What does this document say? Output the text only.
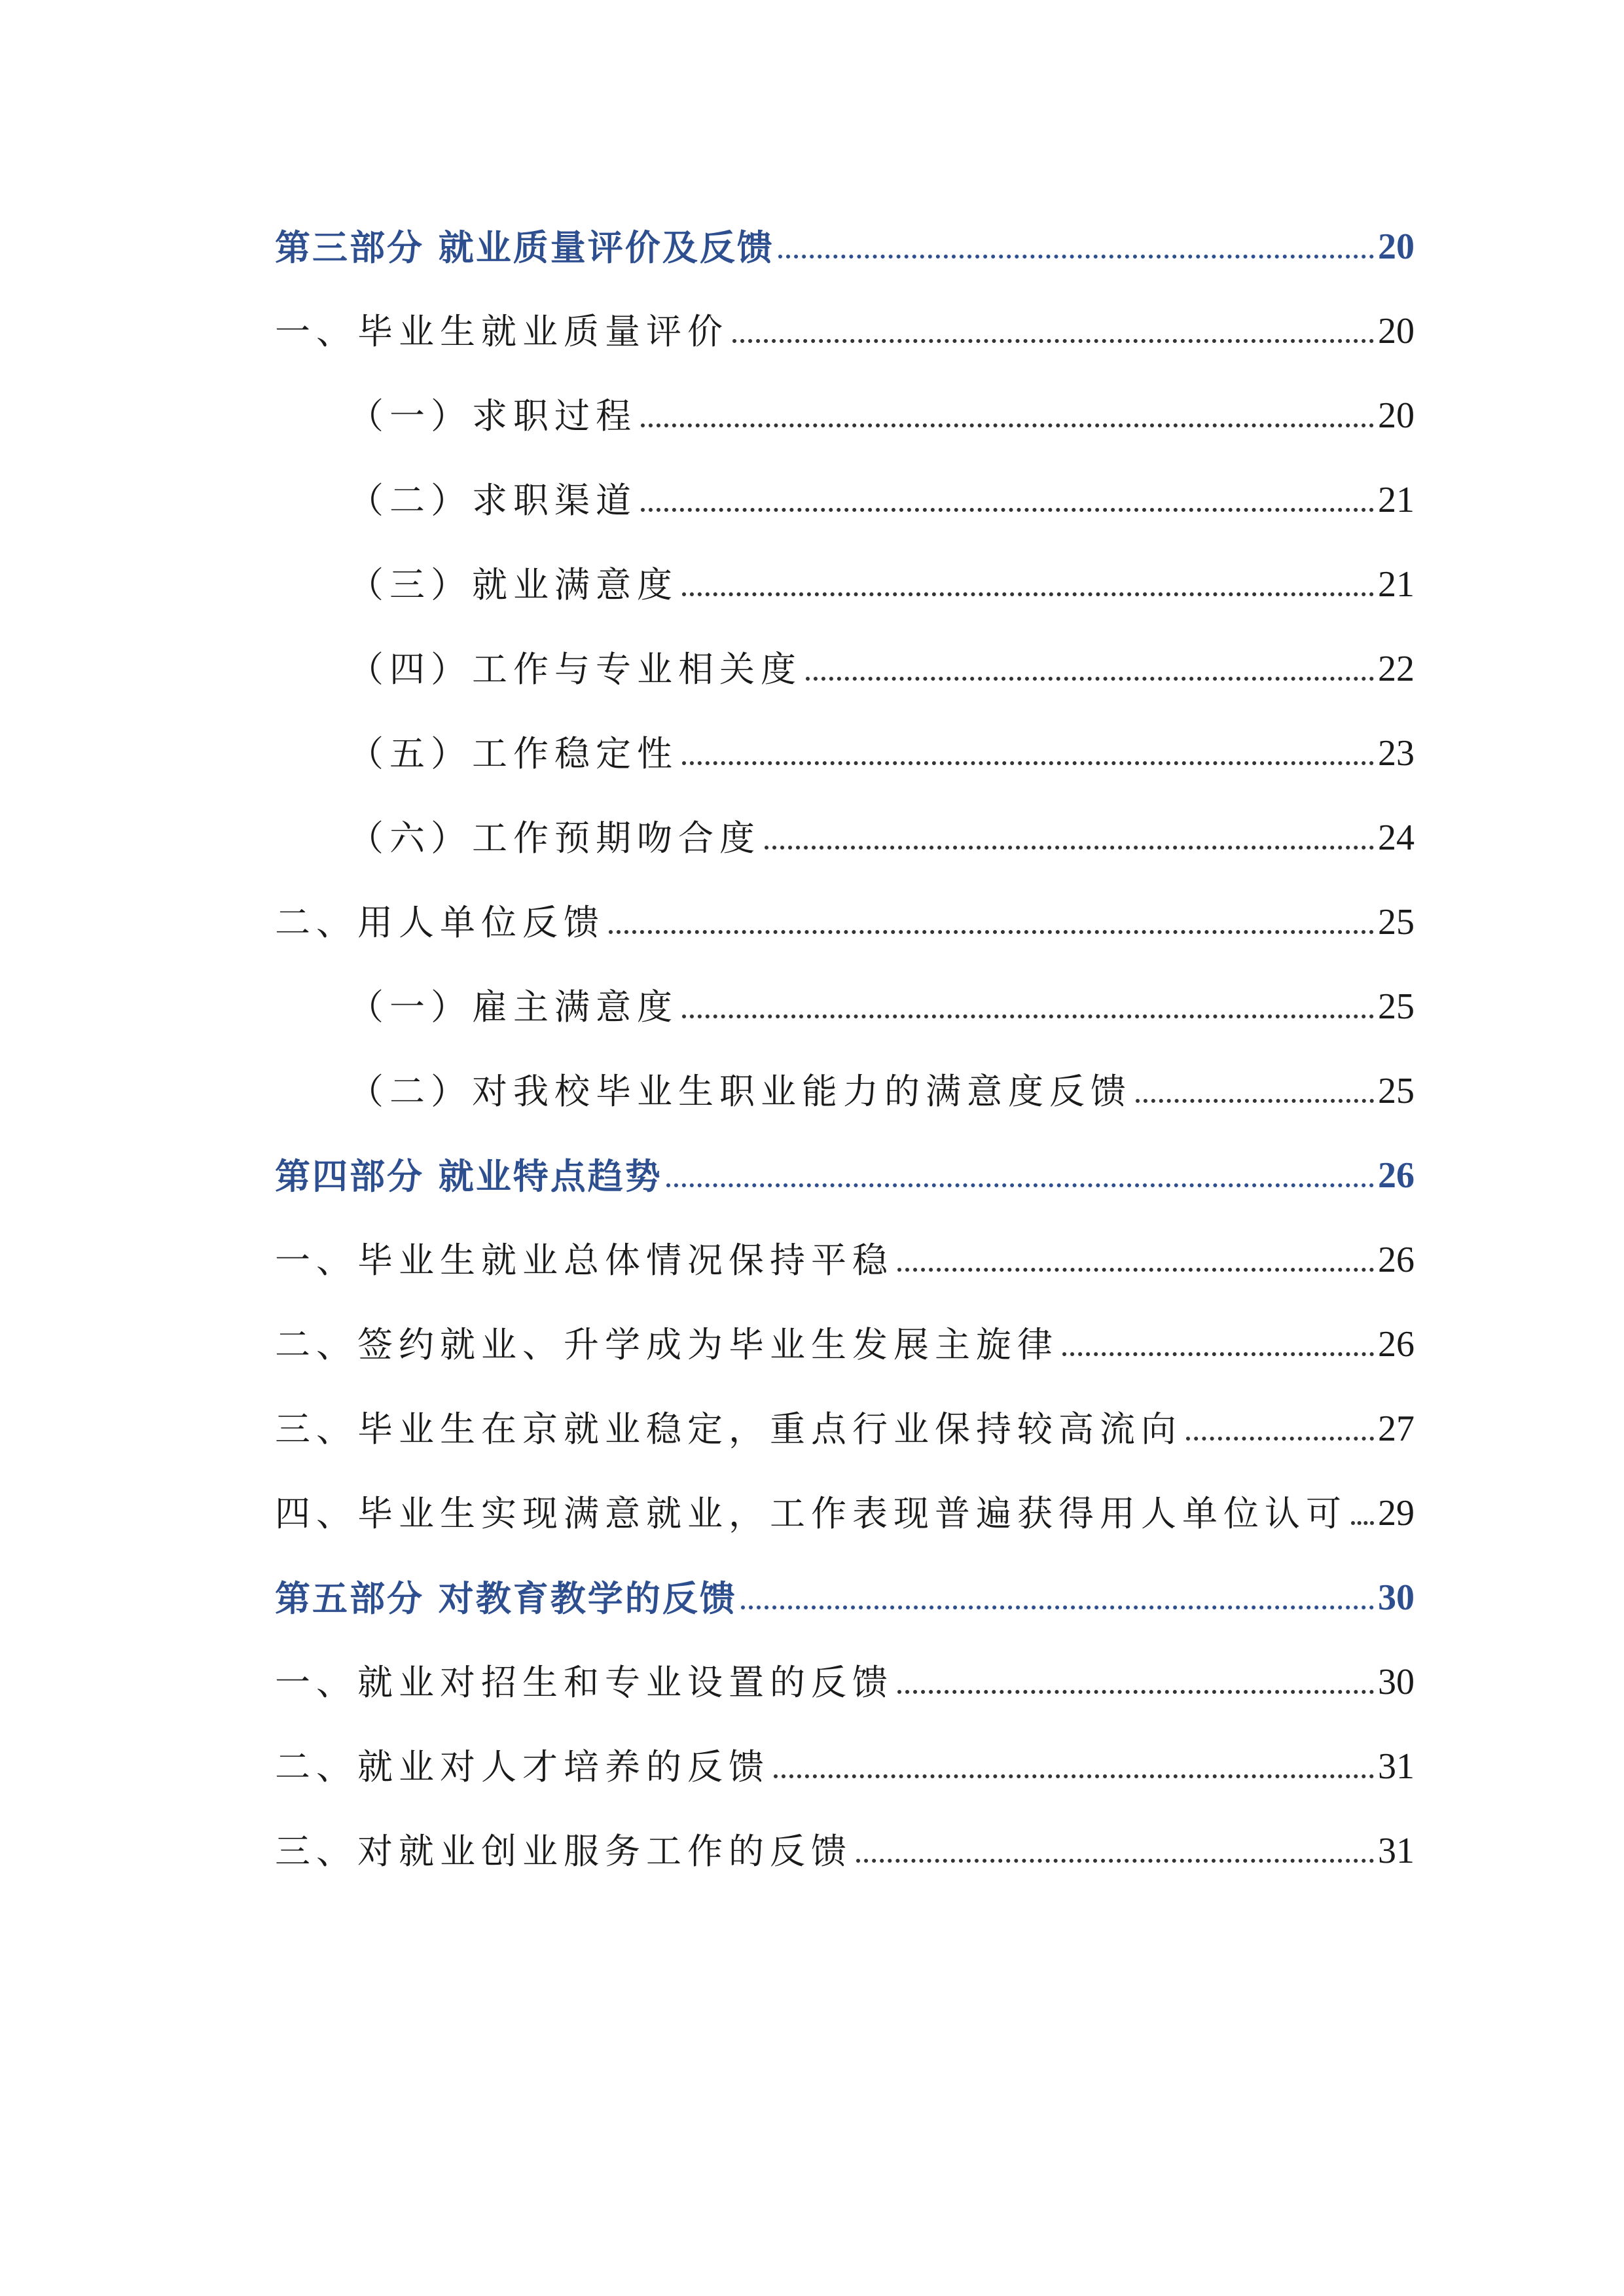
第三部分 就业质量评价及反馈	20
一、毕业生就业质量评价	20
（一）求职过程	20
（二）求职渠道	21
（三）就业满意度	21
（四）工作与专业相关度	22
（五）工作稳定性	23
（六）工作预期吻合度	24
二、用人单位反馈	25
（一）雇主满意度	25
（二）对我校毕业生职业能力的满意度反馈	25
第四部分 就业特点趋势	26
一、毕业生就业总体情况保持平稳	26
二、签约就业、升学成为毕业生发展主旋律	26
三、毕业生在京就业稳定，重点行业保持较高流向	27
四、毕业生实现满意就业，工作表现普遍获得用人单位认可 29
第五部分 对教育教学的反馈	30
一、就业对招生和专业设置的反馈	30
二、就业对人才培养的反馈	31
三、对就业创业服务工作的反馈	31
